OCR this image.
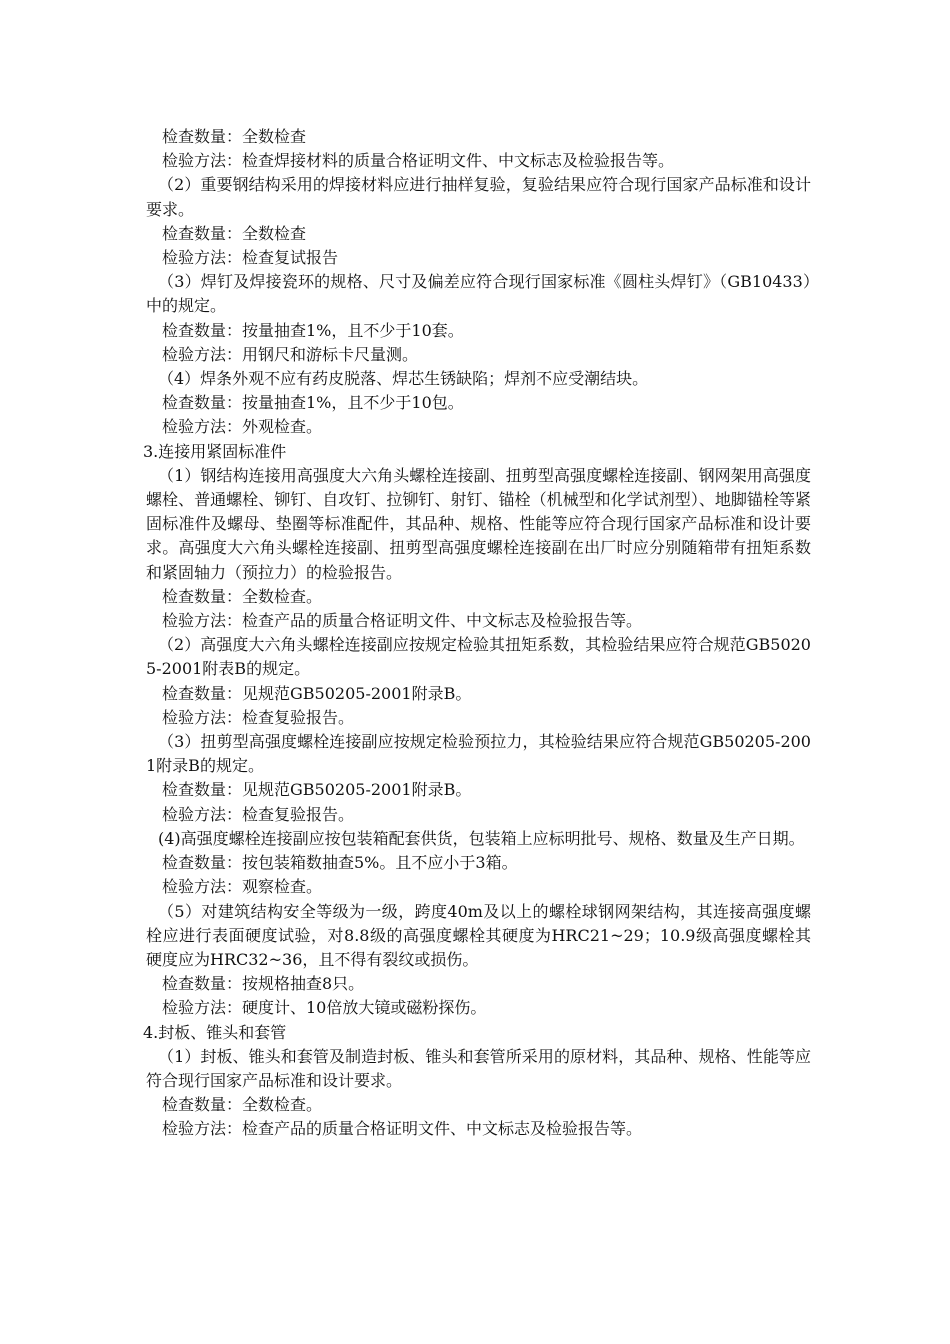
检查数量：全数检查

检验方法：检查焊接材料的质量合格证明文件、中文标志及检验报告等。

（2）重要钢结构采用的焊接材料应进行抽样复验，复验结果应符合现行国家产品标准和设计要求。

检查数量：全数检查

检验方法：检查复试报告

（3）焊钉及焊接瓷环的规格、尺寸及偏差应符合现行国家标准《圆柱头焊钉》（GB10433）中的规定。

检查数量：按量抽查1%，且不少于10套。

检验方法：用钢尺和游标卡尺量测。

（4）焊条外观不应有药皮脱落、焊芯生锈缺陷；焊剂不应受潮结块。

检查数量：按量抽查1%，且不少于10包。

检验方法：外观检查。

3.连接用紧固标准件

（1）钢结构连接用高强度大六角头螺栓连接副、扭剪型高强度螺栓连接副、钢网架用高强度螺栓、普通螺栓、铆钉、自攻钉、拉铆钉、射钉、锚栓（机械型和化学试剂型）、地脚锚栓等紧固标准件及螺母、垫圈等标准配件，其品种、规格、性能等应符合现行国家产品标准和设计要求。高强度大六角头螺栓连接副、扭剪型高强度螺栓连接副在出厂时应分别随箱带有扭矩系数和紧固轴力（预拉力）的检验报告。

检查数量：全数检查。

检验方法：检查产品的质量合格证明文件、中文标志及检验报告等。

（2）高强度大六角头螺栓连接副应按规定检验其扭矩系数，其检验结果应符合规范GB50205-2001附表B的规定。

检查数量：见规范GB50205-2001附录B。

检验方法：检查复验报告。

（3）扭剪型高强度螺栓连接副应按规定检验预拉力，其检验结果应符合规范GB50205-2001附录B的规定。

检查数量：见规范GB50205-2001附录B。

检验方法：检查复验报告。

(4)高强度螺栓连接副应按包装箱配套供货，包装箱上应标明批号、规格、数量及生产日期。

检查数量：按包装箱数抽查5%。且不应小于3箱。

检验方法：观察检查。

（5）对建筑结构安全等级为一级，跨度40m及以上的螺栓球钢网架结构，其连接高强度螺栓应进行表面硬度试验，对8.8级的高强度螺栓其硬度为HRC21~29；10.9级高强度螺栓其硬度应为HRC32~36，且不得有裂纹或损伤。

检查数量：按规格抽查8只。

检验方法：硬度计、10倍放大镜或磁粉探伤。

4.封板、锥头和套管

（1）封板、锥头和套管及制造封板、锥头和套管所采用的原材料，其品种、规格、性能等应符合现行国家产品标准和设计要求。

检查数量：全数检查。

检验方法：检查产品的质量合格证明文件、中文标志及检验报告等。
